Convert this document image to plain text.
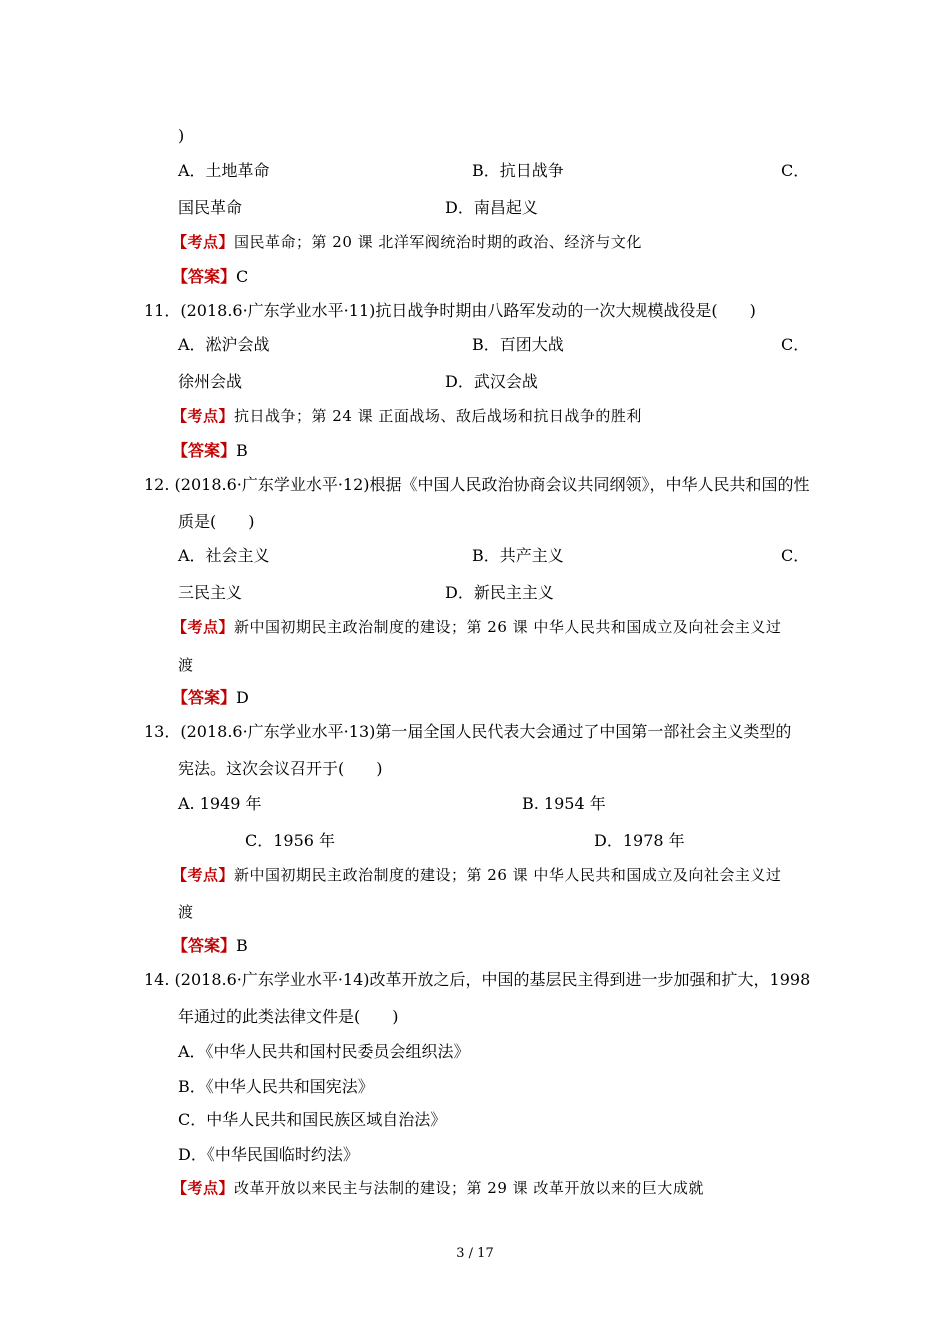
)
A．土地革命	B．抗日战争	C．
国民革命	D．南昌起义
【考点】国民革命；第 20 课 北洋军阀统治时期的政治、经济与文化
【答案】C
11．(2018.6·广东学业水平·11)抗日战争时期由八路军发动的一次大规模战役是(　　)
A．淞沪会战	B．百团大战	C．
徐州会战	D．武汉会战
【考点】抗日战争；第 24 课 正面战场、敌后战场和抗日战争的胜利
【答案】B
12. (2018.6·广东学业水平·12)根据《中国人民政治协商会议共同纲领》，中华人民共和国的性
质是(　　)
A．社会主义	B．共产主义	C．
三民主义	D．新民主主义
【考点】新中国初期民主政治制度的建设；第 26 课 中华人民共和国成立及向社会主义过
渡
【答案】D
13．(2018.6·广东学业水平·13)第一届全国人民代表大会通过了中国第一部社会主义类型的
宪法。这次会议召开于(　　)
A. 1949 年	B. 1954 年
C．1956 年	D．1978 年
【考点】新中国初期民主政治制度的建设；第 26 课 中华人民共和国成立及向社会主义过
渡
【答案】B
14. (2018.6·广东学业水平·14)改革开放之后，中国的基层民主得到进一步加强和扩大，1998
年通过的此类法律文件是(　　)
A．《中华人民共和国村民委员会组织法》
B．《中华人民共和国宪法》
C．中华人民共和国民族区域自治法》
D．《中华民国临时约法》
【考点】改革开放以来民主与法制的建设；第 29 课 改革开放以来的巨大成就
3 / 17
